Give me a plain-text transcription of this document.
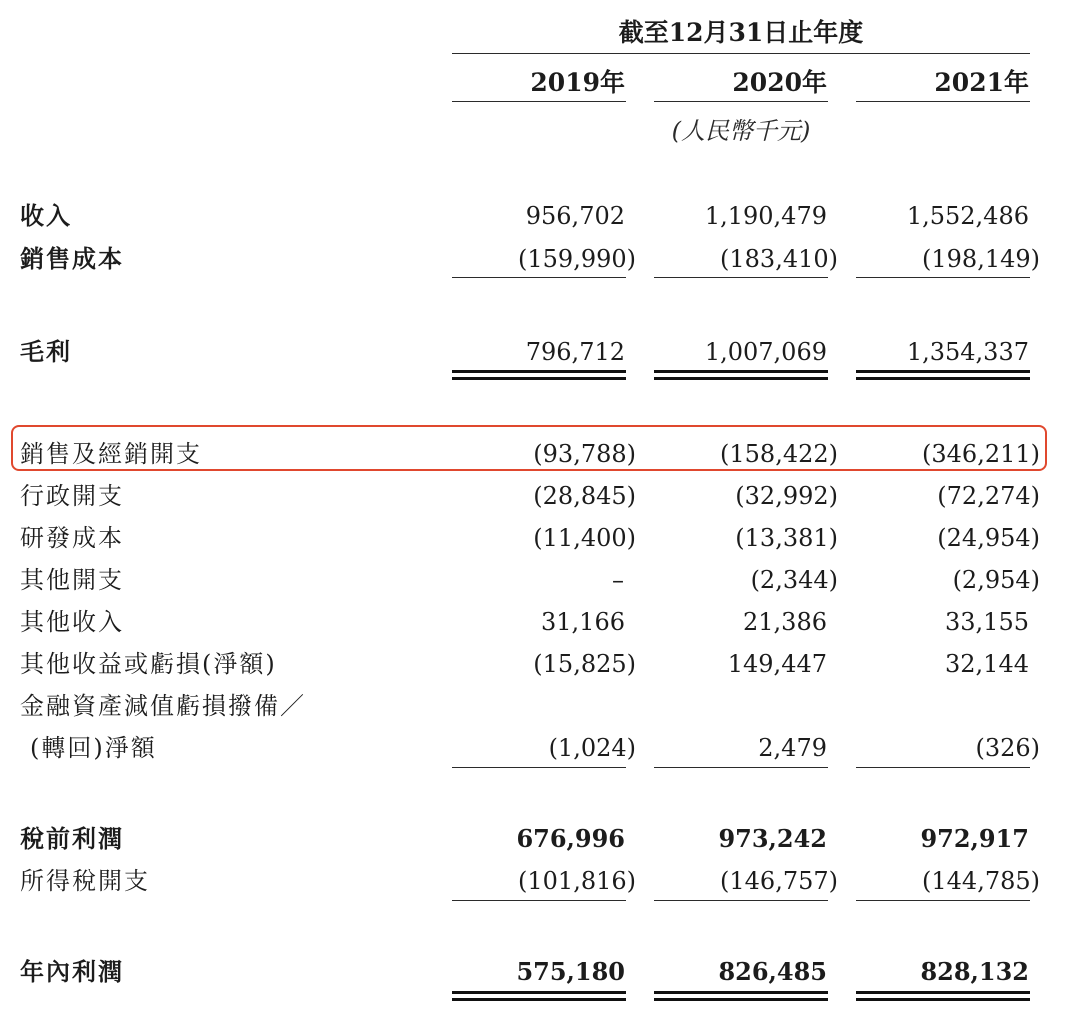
截至12月31日止年度
2019年	2020年	2021年
(人民幣千元)
收入	956,702	1,190,479	1,552,486
銷售成本	(159,990)	(183,410)	(198,149)
毛利	796,712	1,007,069	1,354,337
銷售及經銷開支	(93,788)	(158,422)	(346,211)
行政開支	(28,845)	(32,992)	(72,274)
研發成本	(11,400)	(13,381)	(24,954)
其他開支	–	(2,344)	(2,954)
其他收入	31,166	21,386	33,155
其他收益或虧損(淨額)	(15,825)	149,447	32,144
金融資產減值虧損撥備／
(轉回)淨額	(1,024)	2,479	(326)
稅前利潤	676,996	973,242	972,917
所得稅開支	(101,816)	(146,757)	(144,785)
年內利潤	575,180	826,485	828,132
